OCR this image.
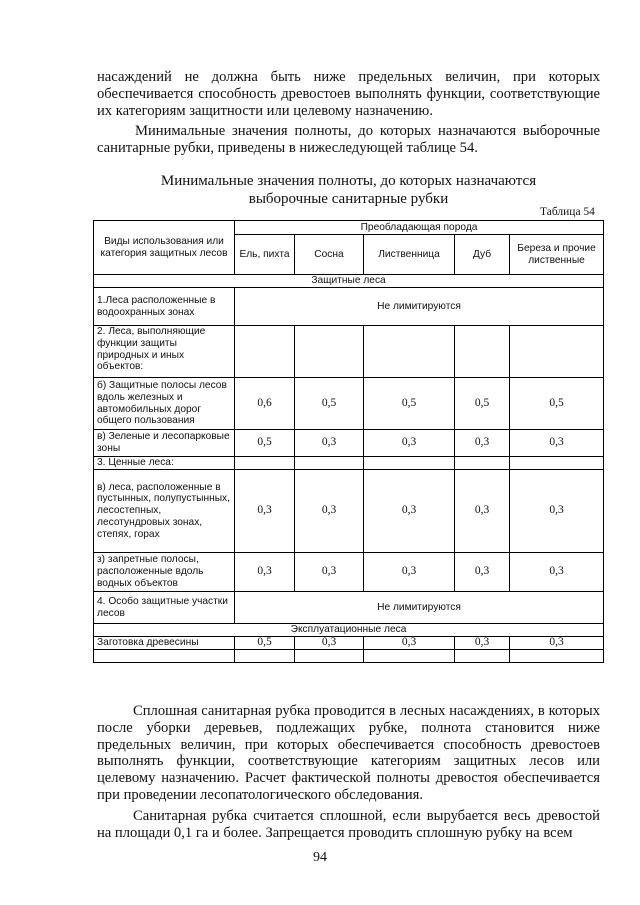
насаждений не должна быть ниже предельных величин, при которых обеспечивается способность древостоев выполнять функции, соответствующие их категориям защитности или целевому назначению.
Минимальные значения полноты, до которых назначаются выборочные санитарные рубки, приведены в нижеследующей таблице 54.
Минимальные значения полноты, до которых назначаются
выборочные санитарные рубки
Таблица 54
Виды использования или категория защитных лесов	Преобладающая порода				
	Ель, пихта	Сосна	Лиственница	Дуб	Береза и прочие лиственные
Защитные леса					
1.Леса расположенные в водоохранных зонах	Не лимитируются				
2. Леса, выполняющие функции защиты природных и иных объектов:					
б) Защитные полосы лесов вдоль железных и автомобильных дорог общего пользования	0,6	0,5	0,5	0,5	0,5
в) Зеленые и лесопарковые зоны	0,5	0,3	0,3	0,3	0,3
3. Ценные леса:					
в) леса, расположенные в пустынных, полупустынных, лесостепных, лесотундровых зонах, степях, горах	0,3	0,3	0,3	0,3	0,3
з) запретные полосы, расположенные вдоль водных объектов	0,3	0,3	0,3	0,3	0,3
4. Особо защитные участки лесов	Не лимитируются				
Эксплуатационные леса					
Заготовка древесины	0,5	0,3	0,3	0,3	0,3

Сплошная санитарная рубка проводится в лесных насаждениях, в которых после уборки деревьев, подлежащих рубке, полнота становится ниже предельных величин, при которых обеспечивается способность древостоев выполнять функции, соответствующие категориям защитных лесов или целевому назначению. Расчет фактической полноты древостоя обеспечивается при проведении лесопатологического обследования.
Санитарная рубка считается сплошной, если вырубается весь древостой на площади 0,1 га и более. Запрещается проводить сплошную рубку на всем
94
